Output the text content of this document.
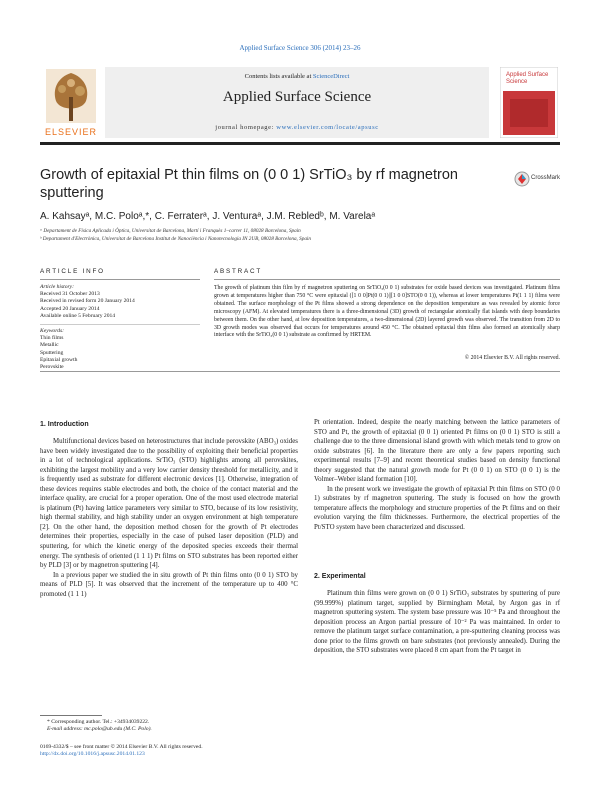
Applied Surface Science 306 (2014) 23–26
ELSEVIER
Contents lists available at ScienceDirect
Applied Surface Science
journal homepage: www.elsevier.com/locate/apsusc
Applied Surface Science
Growth of epitaxial Pt thin films on (0 0 1) SrTiO₃ by rf magnetron
sputtering
CrossMark
A. Kahsayᵃ, M.C. Poloᵃ,*, C. Ferraterᵃ, J. Venturaᵃ, J.M. Rebledᵇ, M. Varelaᵃ
ᵃ Departament de Física Aplicada i Òptica, Universitat de Barcelona, Martí i Franquès 1–carrer 11, 08028 Barcelona, Spain
ᵇ Departament d'Electrònica, Universitat de Barcelona Institut de Nanociència i Nanotecnologia IN 2UB, 08028 Barcelona, Spain
ARTICLE INFO	ABSTRACT
Article history:
Received 31 October 2013
Received in revised form 20 January 2014
Accepted 20 January 2014
Available online 5 February 2014
Keywords:
Thin films
Metallic
Sputtering
Epitaxial growth
Perovskite
The growth of platinum thin film by rf magnetron sputtering on SrTiO₃(0 0 1) substrates for oxide based devices was investigated. Platinum films grown at temperatures higher than 750 °C were epitaxial ([1 0 0]Pt(0 0 1)||[1 0 0]STO(0 0 1)), whereas at lower temperatures Pt(1 1 1) films were obtained. The surface morphology of the Pt films showed a strong dependence on the deposition temperature as was revealed by atomic force microscopy (AFM). At elevated temperatures there is a three-dimensional (3D) growth of rectangular atomically flat islands with deep boundaries between them. On the other hand, at low deposition temperatures, a two-dimensional (2D) layered growth was observed. The transition from 2D to 3D growth modes was observed that occurs for temperatures around 450 °C. The obtained epitaxial thin films also formed an atomically sharp interface with the SrTiO₃(0 0 1) substrate as confirmed by HRTEM.
© 2014 Elsevier B.V. All rights reserved.
1. Introduction

Multifunctional devices based on heterostructures that include perovskite (ABO₃) oxides have been widely investigated due to the possibility of exploiting their beneficial properties in a lot of technological applications. SrTiO₃ (STO) highlights among all perovskites, exhibiting the largest mobility and a very low carrier density threshold for metallicity, and it is frequently used as substrate for different electronic devices [1]. Otherwise, integration of these devices requires stable electrodes and both, the choice of the contact material and the interface quality, are crucial for a proper operation. One of the most used electrode material is platinum (Pt) having lattice parameters very similar to STO, because of its low resistivity, high thermal stability, and high stability under an oxygen environment at high temperature [2]. On the other hand, the deposition method chosen for the growth of Pt electrodes determines their properties, especially in the case of pulsed laser deposition (PLD) and sputtering, for which the kinetic energy of the deposited species exceeds their thermal energy. The synthesis of oriented (1 1 1) Pt films on STO substrates has been reported either by PLD [3] or by magnetron sputtering [4].

In a previous paper we studied the in situ growth of Pt thin films onto (0 0 1) STO by means of PLD [5]. It was observed that the increment of the temperature up to 400 °C promoted (1 1 1)

* Corresponding author. Tel.: +34934039222.
E-mail address: mc.polo@ub.edu (M.C. Polo).
0169-4332/$ – see front matter © 2014 Elsevier B.V. All rights reserved.
http://dx.doi.org/10.1016/j.apsusc.2014.01.123

Pt orientation. Indeed, despite the nearly matching between the lattice parameters of STO and Pt, the growth of epitaxial (0 0 1) oriented Pt films on (0 0 1) STO is still a challenge due to the three dimensional island growth with which metals tend to grow on oxide substrates [6]. In the literature there are only a few papers reporting such experimental results [7–9] and recent theoretical studies based on density functional theory suggested that the natural growth mode for Pt (0 0 1) on STO (0 0 1) is the Volmer–Weber island formation [10].

In the present work we investigate the growth of epitaxial Pt thin films on STO (0 0 1) substrates by rf magnetron sputtering. The study is focused on how the growth temperature affects the morphology and structure properties of the Pt films and on their evolution varying the film thicknesses. Furthermore, the electrical properties of the Pt/STO system have been characterized and discussed.

2. Experimental

Platinum thin films were grown on (0 0 1) SrTiO₃ substrates by sputtering of pure (99.999%) platinum target, supplied by Birmingham Metal, by Argon gas in rf magnetron sputtering system. The system base pressure was 10⁻⁵ Pa and throughout the deposition process an Argon partial pressure of 10⁻² Pa was maintained. In order to remove the platinum target surface contamination, a pre-sputtering cleaning process was done prior to the films growth on bare substrates (not previously annealed). During the deposition, the STO substrates were placed 8 cm apart from the Pt target in
